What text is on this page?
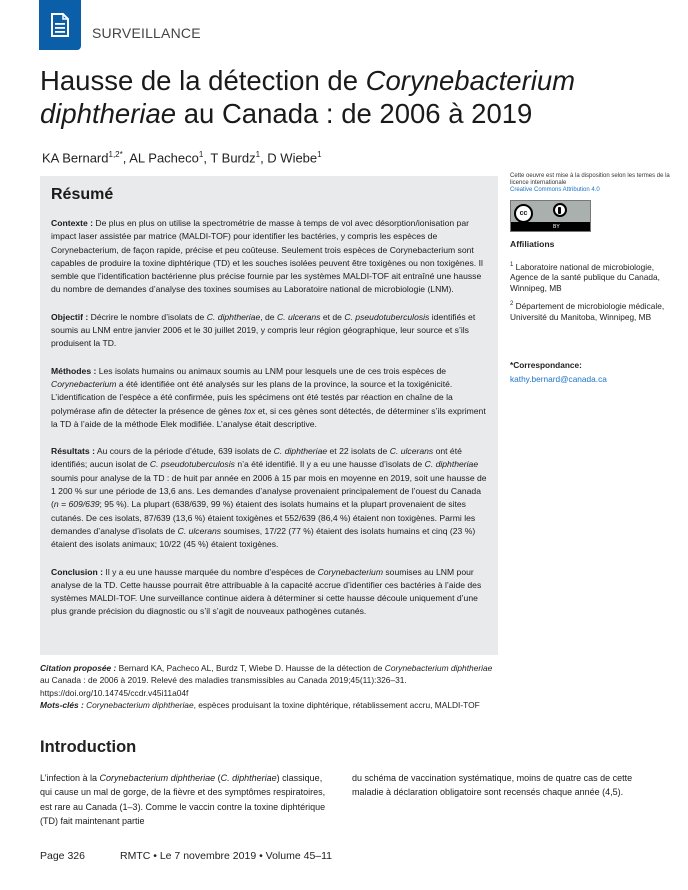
SURVEILLANCE
Hausse de la détection de Corynebacterium
diphtheriae au Canada : de 2006 à 2019
KA Bernard$^{1,2*}$, AL Pacheco$^1$, T Burdz$^1$, D Wiebe$^1$
Résumé

Contexte : De plus en plus on utilise la spectrométrie de masse à temps de vol avec désorption/ionisation par impact laser assistée par matrice (MALDI-TOF) pour identifier les bactéries, y compris les espèces de Corynebacterium, de façon rapide, précise et peu coûteuse. Seulement trois espèces de Corynebacterium sont capables de produire la toxine diphtérique (TD) et les souches isolées peuvent être toxigènes ou non toxigènes. Il semble que l’identification bactérienne plus précise fournie par les systèmes MALDI-TOF ait entraîné une hausse du nombre de demandes d’analyse des toxines soumises au Laboratoire national de microbiologie (LNM).

Objectif : Décrire le nombre d’isolats de C. diphtheriae, de C. ulcerans et de C. pseudotuberculosis identifiés et soumis au LNM entre janvier 2006 et le 30 juillet 2019, y compris leur région géographique, leur source et s’ils produisent la TD.

Méthodes : Les isolats humains ou animaux soumis au LNM pour lesquels une de ces trois espèces de Corynebacterium a été identifiée ont été analysés sur les plans de la province, la source et la toxigénicité. L’identification de l’espèce a été confirmée, puis les spécimens ont été testés par réaction en chaîne de la polymérase afin de détecter la présence de gènes tox et, si ces gènes sont détectés, de déterminer s’ils expriment la TD à l’aide de la méthode Elek modifiée. L’analyse était descriptive.

Résultats : Au cours de la période d’étude, 639 isolats de C. diphtheriae et 22 isolats de C. ulcerans ont été identifiés; aucun isolat de C. pseudotuberculosis n’a été identifié. Il y a eu une hausse d’isolats de C. diphtheriae soumis pour analyse de la TD : de huit par année en 2006 à 15 par mois en moyenne en 2019, soit une hausse de 1 200 % sur une période de 13,6 ans. Les demandes d’analyse provenaient principalement de l’ouest du Canada (n = 609/639; 95 %). La plupart (638/639, 99 %) étaient des isolats humains et la plupart provenaient de sites cutanés. De ces isolats, 87/639 (13,6 %) étaient toxigènes et 552/639 (86,4 %) étaient non toxigènes. Parmi les demandes d’analyse d’isolats de C. ulcerans soumises, 17/22 (77 %) étaient des isolats humains et cinq (23 %) étaient des isolats animaux; 10/22 (45 %) étaient toxigènes.

Conclusion : Il y a eu une hausse marquée du nombre d’espèces de Corynebacterium soumises au LNM pour analyse de la TD. Cette hausse pourrait être attribuable à la capacité accrue d’identifier ces bactéries à l’aide des systèmes MALDI-TOF. Une surveillance continue aidera à déterminer si cette hausse découle uniquement d’une plus grande précision du diagnostic ou s’il s’agit de nouveaux pathogènes cutanés.

Cette oeuvre est mise à la disposition selon les termes de la licence internationale
Creative Commons Attribution 4.0
cc
BY
Affiliations
$^1$ Laboratoire national de microbiologie, Agence de la santé publique du Canada, Winnipeg, MB
$^2$ Département de microbiologie médicale, Université du Manitoba, Winnipeg, MB
*Correspondance:
kathy.bernard@canada.ca
Citation proposée : Bernard KA, Pacheco AL, Burdz T, Wiebe D. Hausse de la détection de Corynebacterium diphtheriae au Canada : de 2006 à 2019. Relevé des maladies transmissibles au Canada 2019;45(11):326–31. https://doi.org/10.14745/ccdr.v45i11a04f
Mots-clés : Corynebacterium diphtheriae, espèces produisant la toxine diphtérique, rétablissement accru, MALDI-TOF
Introduction
L’infection à la Corynebacterium diphtheriae (C. diphtheriae) classique, qui cause un mal de gorge, de la fièvre et des symptômes respiratoires, est rare au Canada (1–3). Comme le vaccin contre la toxine diphtérique (TD) fait maintenant partie
du schéma de vaccination systématique, moins de quatre cas de cette maladie à déclaration obligatoire sont recensés chaque année (4,5).
Page 326	RMTC • Le 7 novembre 2019 • Volume 45–11
